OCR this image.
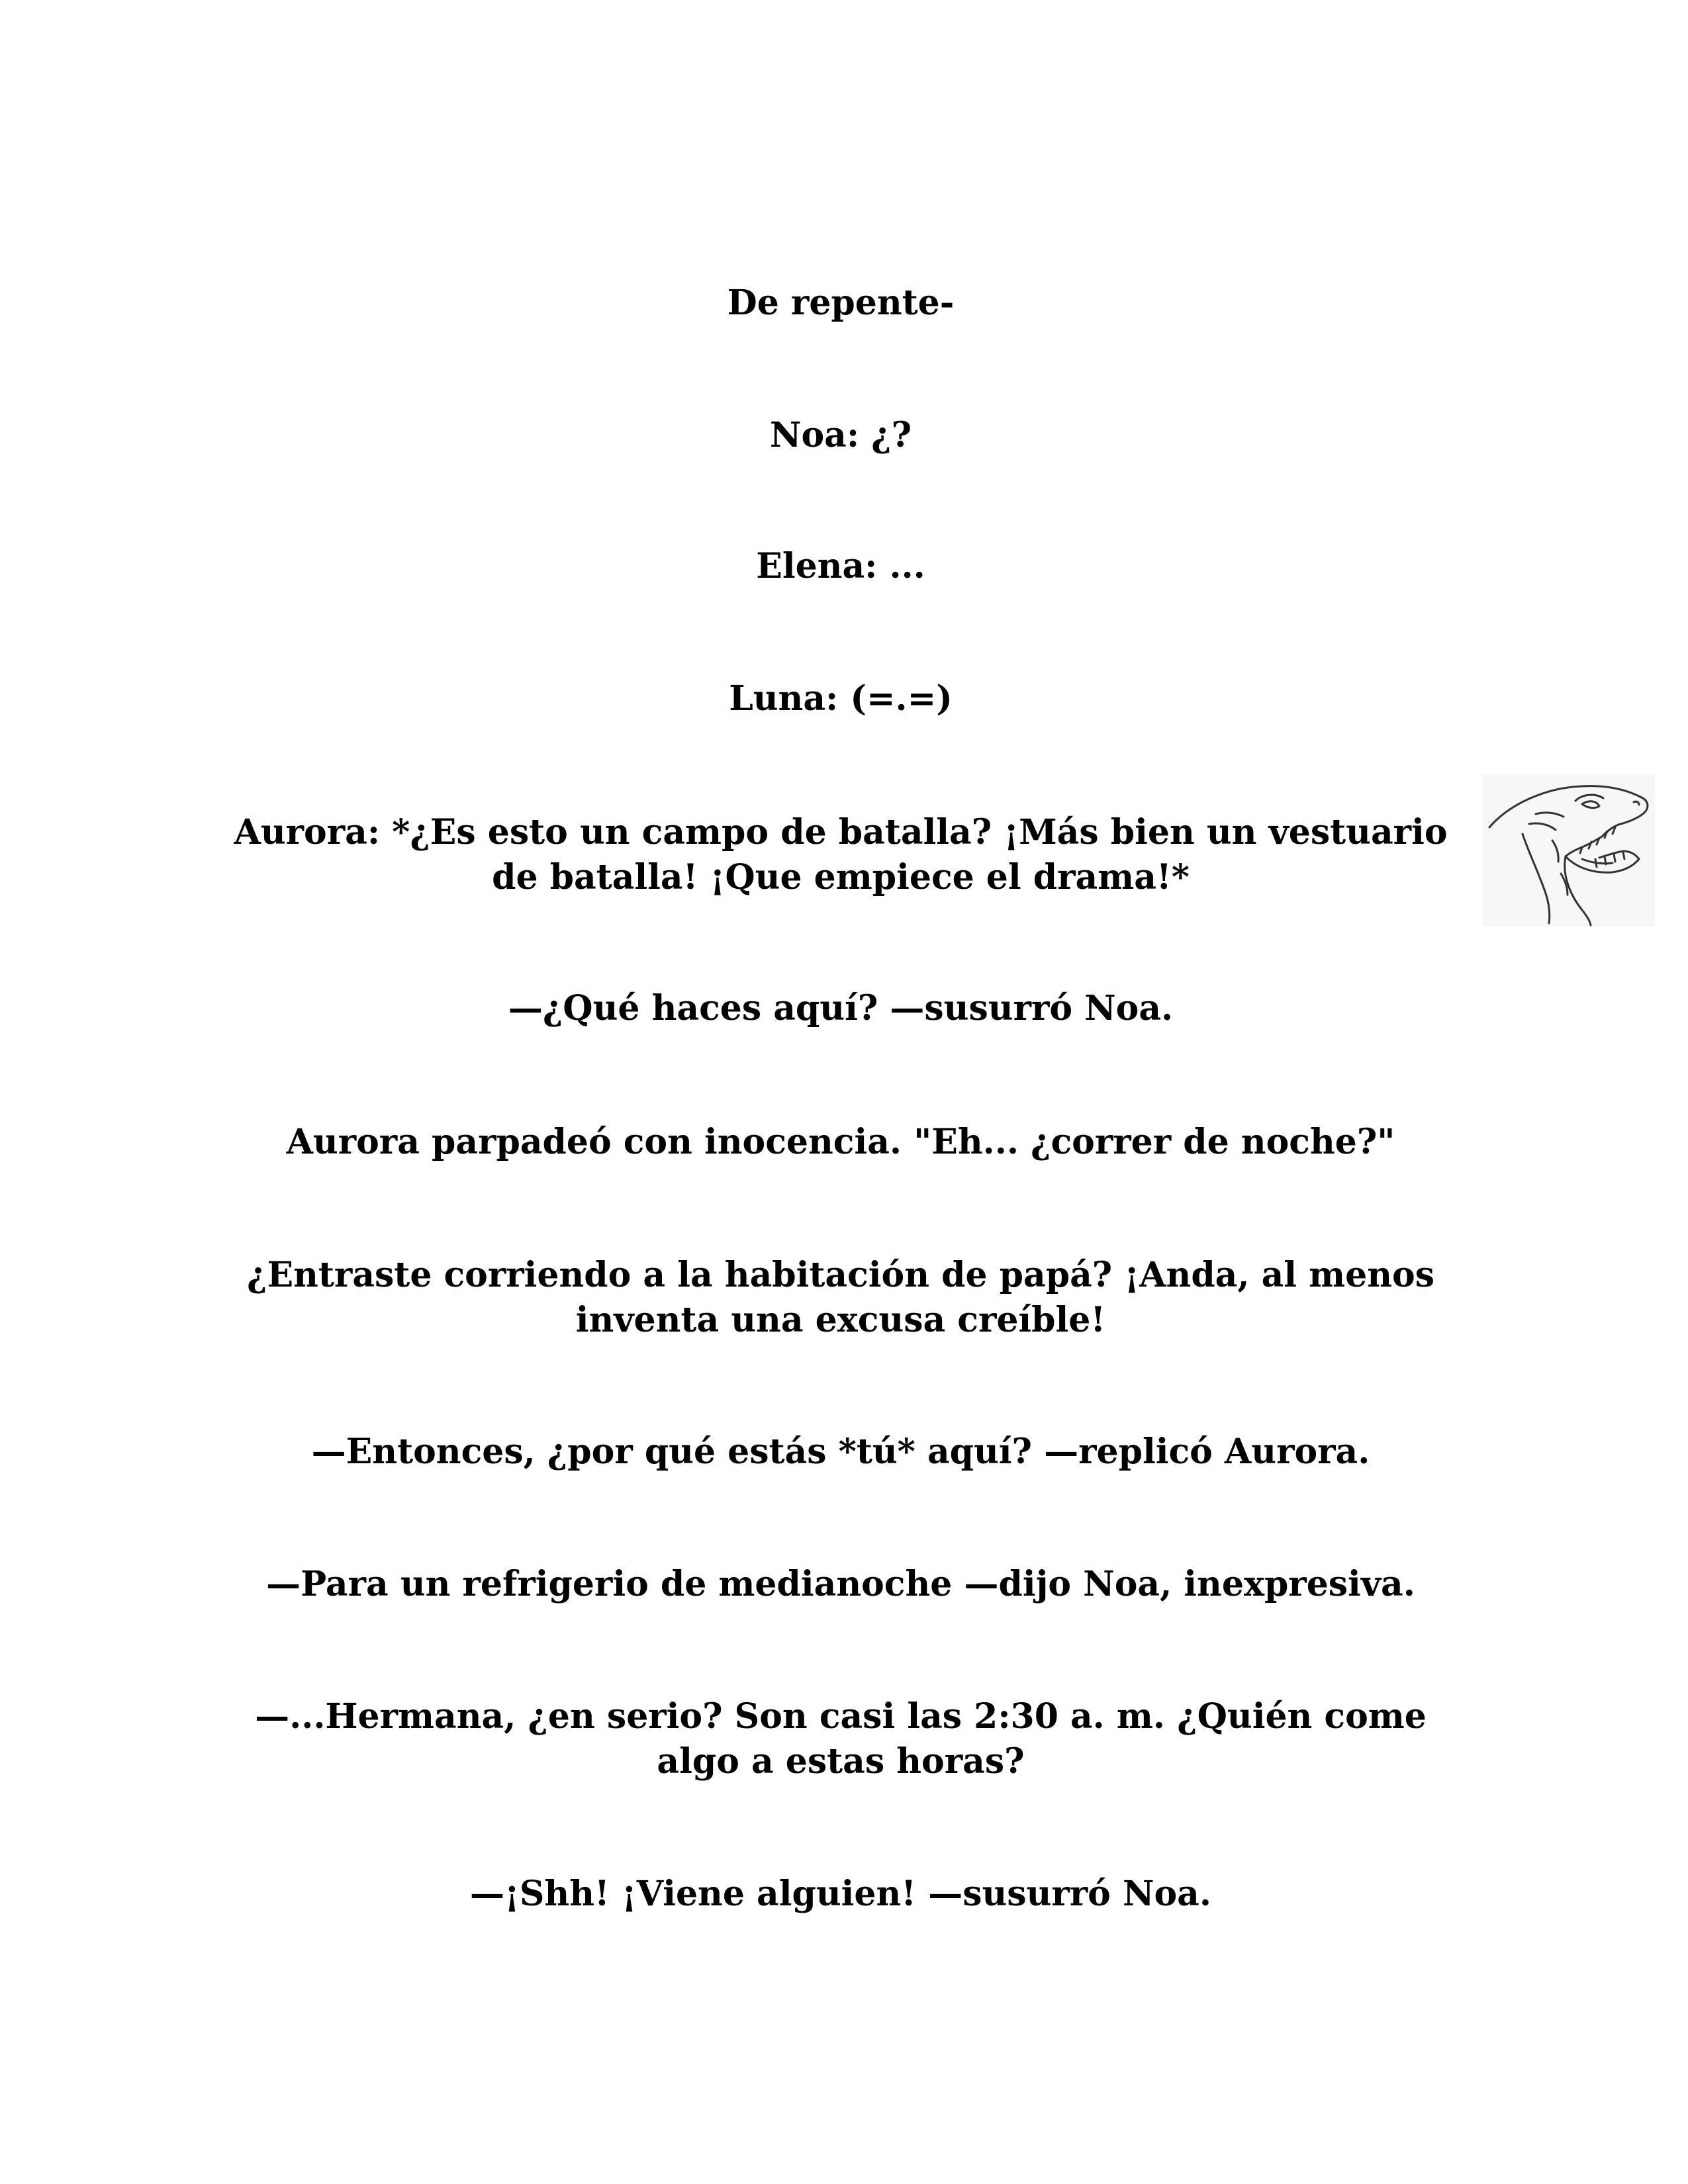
De repente-
Noa: ¿?
Elena: ...
Luna: (=.=)
Aurora: *¿Es esto un campo de batalla? ¡Más bien un vestuario de batalla! ¡Que empiece el drama!*
—¿Qué haces aquí? —susurró Noa.
Aurora parpadeó con inocencia. "Eh... ¿correr de noche?"
¿Entraste corriendo a la habitación de papá? ¡Anda, al menos inventa una excusa creíble!
—Entonces, ¿por qué estás *tú* aquí? —replicó Aurora.
—Para un refrigerio de medianoche —dijo Noa, inexpresiva.
—...Hermana, ¿en serio? Son casi las 2:30 a. m. ¿Quién come algo a estas horas?
—¡Shh! ¡Viene alguien! —susurró Noa.
